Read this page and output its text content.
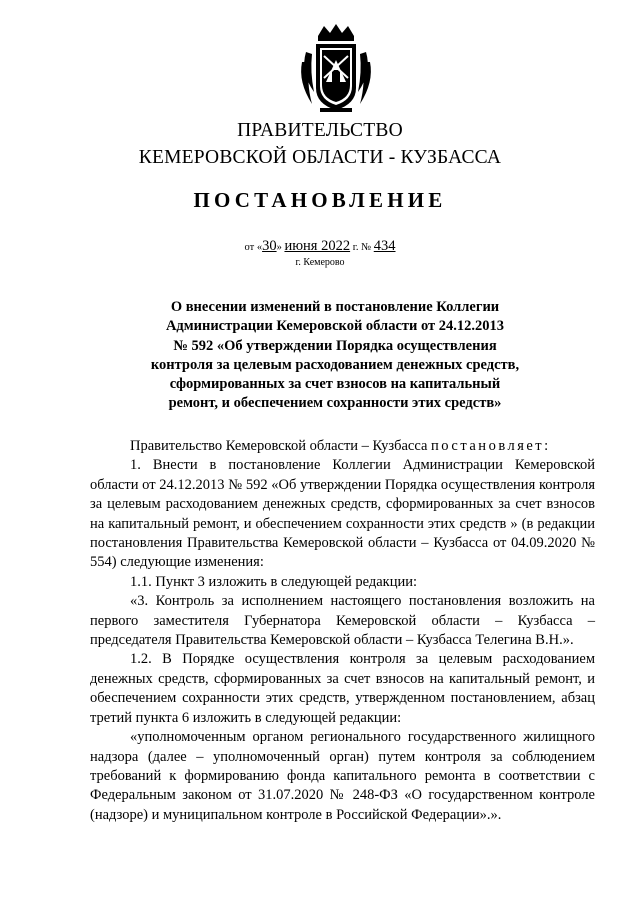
ПРАВИТЕЛЬСТВО
КЕМЕРОВСКОЙ ОБЛАСТИ - КУЗБАССА
ПОСТАНОВЛЕНИЕ
от «30» июня 2022 г. № 434
г. Кемерово
О внесении изменений в постановление Коллегии
Администрации Кемеровской области от 24.12.2013
№ 592 «Об утверждении Порядка осуществления
контроля за целевым расходованием денежных средств,
сформированных за счет взносов на капитальный
ремонт, и обеспечением сохранности этих средств»

Правительство Кемеровской области – Кузбасса постановляет:

1. Внести в постановление Коллегии Администрации Кемеровской области от 24.12.2013 № 592 «Об утверждении Порядка осуществления контроля за целевым расходованием денежных средств, сформированных за счет взносов на капитальный ремонт, и обеспечением сохранности этих средств » (в редакции постановления Правительства Кемеровской области – Кузбасса от 04.09.2020 № 554) следующие изменения:

1.1. Пункт 3 изложить в следующей редакции:

«3. Контроль за исполнением настоящего постановления возложить на первого заместителя Губернатора Кемеровской области – Кузбасса – председателя Правительства Кемеровской области – Кузбасса Телегина В.Н.».

1.2. В Порядке осуществления контроля за целевым расходованием денежных средств, сформированных за счет взносов на капитальный ремонт, и обеспечением сохранности этих средств, утвержденном постановлением, абзац третий пункта 6 изложить в следующей редакции:

«уполномоченным органом регионального государственного жилищного надзора (далее – уполномоченный орган) путем контроля за соблюдением требований к формированию фонда капитального ремонта в соответствии с Федеральным законом от 31.07.2020 № 248-ФЗ «О государственном контроле (надзоре) и муниципальном контроле в Российской Федерации».».
